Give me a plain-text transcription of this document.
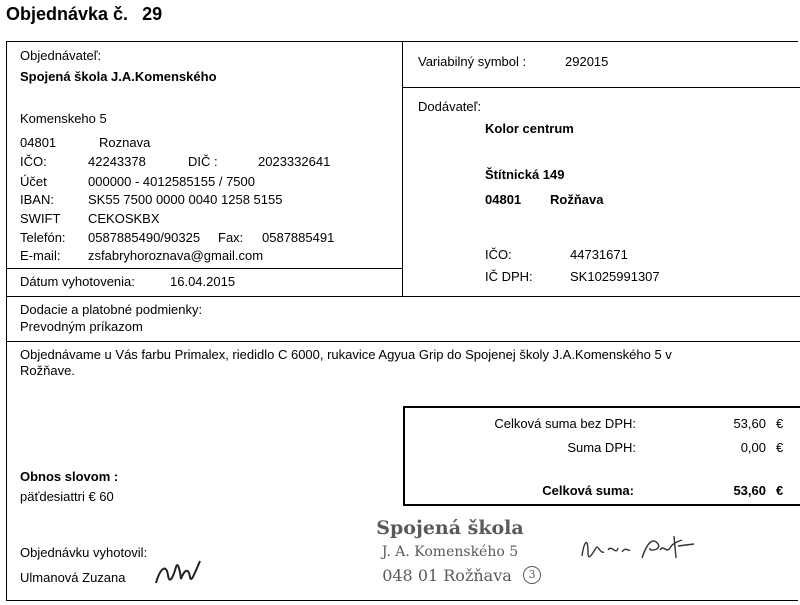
Objednávka č. 29
Objednávateľ:
Spojená škola J.A.Komenského
Komenskeho 5
04801	Roznava
IČO:	42243378	DIČ :	2023332641
Účet	000000 - 4012585155 / 7500
IBAN:	SK55 7500 0000 0040 1258 5155
SWIFT CEKOSKBX
Telefón: 0587885490/90325 Fax: 0587885491
E-mail: zsfabryhoroznava@gmail.com
Dátum vyhotovenia:	16.04.2015
Variabilný symbol :	292015
Dodávateľ:
Kolor centrum
Štítnická 149
04801 Rožňava
IČO:	44731671
IČ DPH:	SK1025991307
Dodacie a platobné podmienky:
Prevodným príkazom
Objednávame u Vás farbu Primalex, riedidlo C 6000, rukavice Agyua Grip do Spojenej školy J.A.Komenského 5 v
Rožňave.
Celková suma bez DPH:	53,60 €
Suma DPH:	0,00 €
Celková suma:	53,60 €
Obnos slovom :
päťdesiattri € 60
Objednávku vyhotovil:
Ulmanová Zuzana
Spojená škola
J. A. Komenského 5
048 01 Rožňava	3
